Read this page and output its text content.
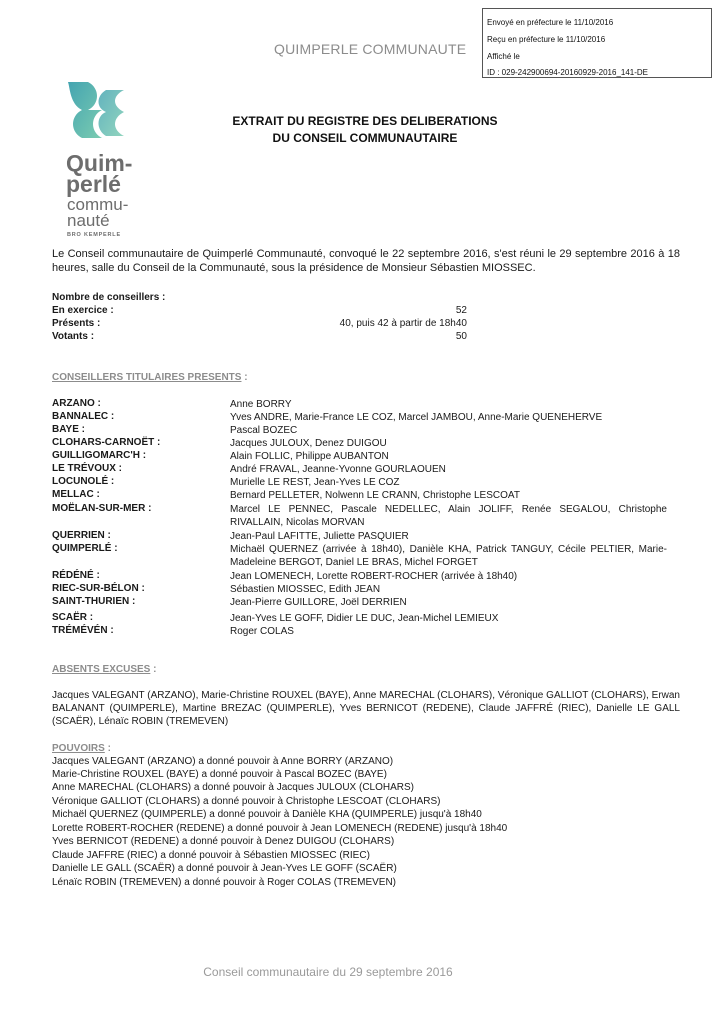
Envoyé en préfecture le 11/10/2016
Reçu en préfecture le 11/10/2016
Affiché le
ID : 029-242900694-20160929-2016_141-DE
QUIMPERLE COMMUNAUTE
Quim-
perlé
commu-
nauté
BRO KEMPERLE
EXTRAIT DU REGISTRE DES DELIBERATIONS
DU CONSEIL COMMUNAUTAIRE
Le Conseil communautaire de Quimperlé Communauté, convoqué le 22 septembre 2016, s'est réuni le 29 septembre 2016 à 18 heures, salle du Conseil de la Communauté, sous la présidence de Monsieur Sébastien MIOSSEC.
Nombre de conseillers :
En exercice :	52
Présents :	40, puis 42 à partir de 18h40
Votants :	50
CONSEILLERS TITULAIRES PRESENTS :
ARZANO :	Anne BORRY
BANNALEC :	Yves ANDRE, Marie-France LE COZ, Marcel JAMBOU, Anne-Marie QUENEHERVE
BAYE :	Pascal BOZEC
CLOHARS-CARNOËT :	Jacques JULOUX, Denez DUIGOU
GUILLIGOMARC'H :	Alain FOLLIC, Philippe AUBANTON
LE TRÉVOUX :	André FRAVAL, Jeanne-Yvonne GOURLAOUEN
LOCUNOLÉ :	Murielle LE REST, Jean-Yves LE COZ
MELLAC :	Bernard PELLETER, Nolwenn LE CRANN, Christophe LESCOAT
MOËLAN-SUR-MER :	Marcel LE PENNEC, Pascale NEDELLEC, Alain JOLIFF, Renée SEGALOU, Christophe RIVALLAIN, Nicolas MORVAN
QUERRIEN :	Jean-Paul LAFITTE, Juliette PASQUIER
QUIMPERLÉ :	Michaël QUERNEZ (arrivée à 18h40), Danièle KHA, Patrick TANGUY, Cécile PELTIER, Marie-Madeleine BERGOT, Daniel LE BRAS, Michel FORGET
RÉDÉNÉ :	Jean LOMENECH, Lorette ROBERT-ROCHER (arrivée à 18h40)
RIEC-SUR-BÉLON :	Sébastien MIOSSEC, Edith JEAN
SAINT-THURIEN :	Jean-Pierre GUILLORE, Joël DERRIEN
SCAËR :	Jean-Yves LE GOFF, Didier LE DUC, Jean-Michel LEMIEUX
TRÉMÉVÉN :	Roger COLAS
ABSENTS EXCUSES :
Jacques VALEGANT (ARZANO), Marie-Christine ROUXEL (BAYE), Anne MARECHAL (CLOHARS), Véronique GALLIOT (CLOHARS), Erwan BALANANT (QUIMPERLE), Martine BREZAC (QUIMPERLE), Yves BERNICOT (REDENE), Claude JAFFRÉ (RIEC), Danielle LE GALL (SCAËR), Lénaïc ROBIN (TREMEVEN)
POUVOIRS :
Jacques VALEGANT (ARZANO) a donné pouvoir à Anne BORRY (ARZANO)
Marie-Christine ROUXEL (BAYE) a donné pouvoir à Pascal BOZEC (BAYE)
Anne MARECHAL (CLOHARS) a donné pouvoir à Jacques JULOUX (CLOHARS)
Véronique GALLIOT (CLOHARS) a donné pouvoir à Christophe LESCOAT (CLOHARS)
Michaël QUERNEZ (QUIMPERLE) a donné pouvoir à Danièle KHA (QUIMPERLE) jusqu'à 18h40
Lorette ROBERT-ROCHER (REDENE) a donné pouvoir à Jean LOMENECH (REDENE) jusqu'à 18h40
Yves BERNICOT (REDENE) a donné pouvoir à Denez DUIGOU (CLOHARS)
Claude JAFFRE (RIEC) a donné pouvoir à Sébastien MIOSSEC (RIEC)
Danielle LE GALL (SCAËR) a donné pouvoir à Jean-Yves LE GOFF (SCAËR)
Lénaïc ROBIN (TREMEVEN) a donné pouvoir à Roger COLAS (TREMEVEN)
Conseil communautaire du 29 septembre 2016
